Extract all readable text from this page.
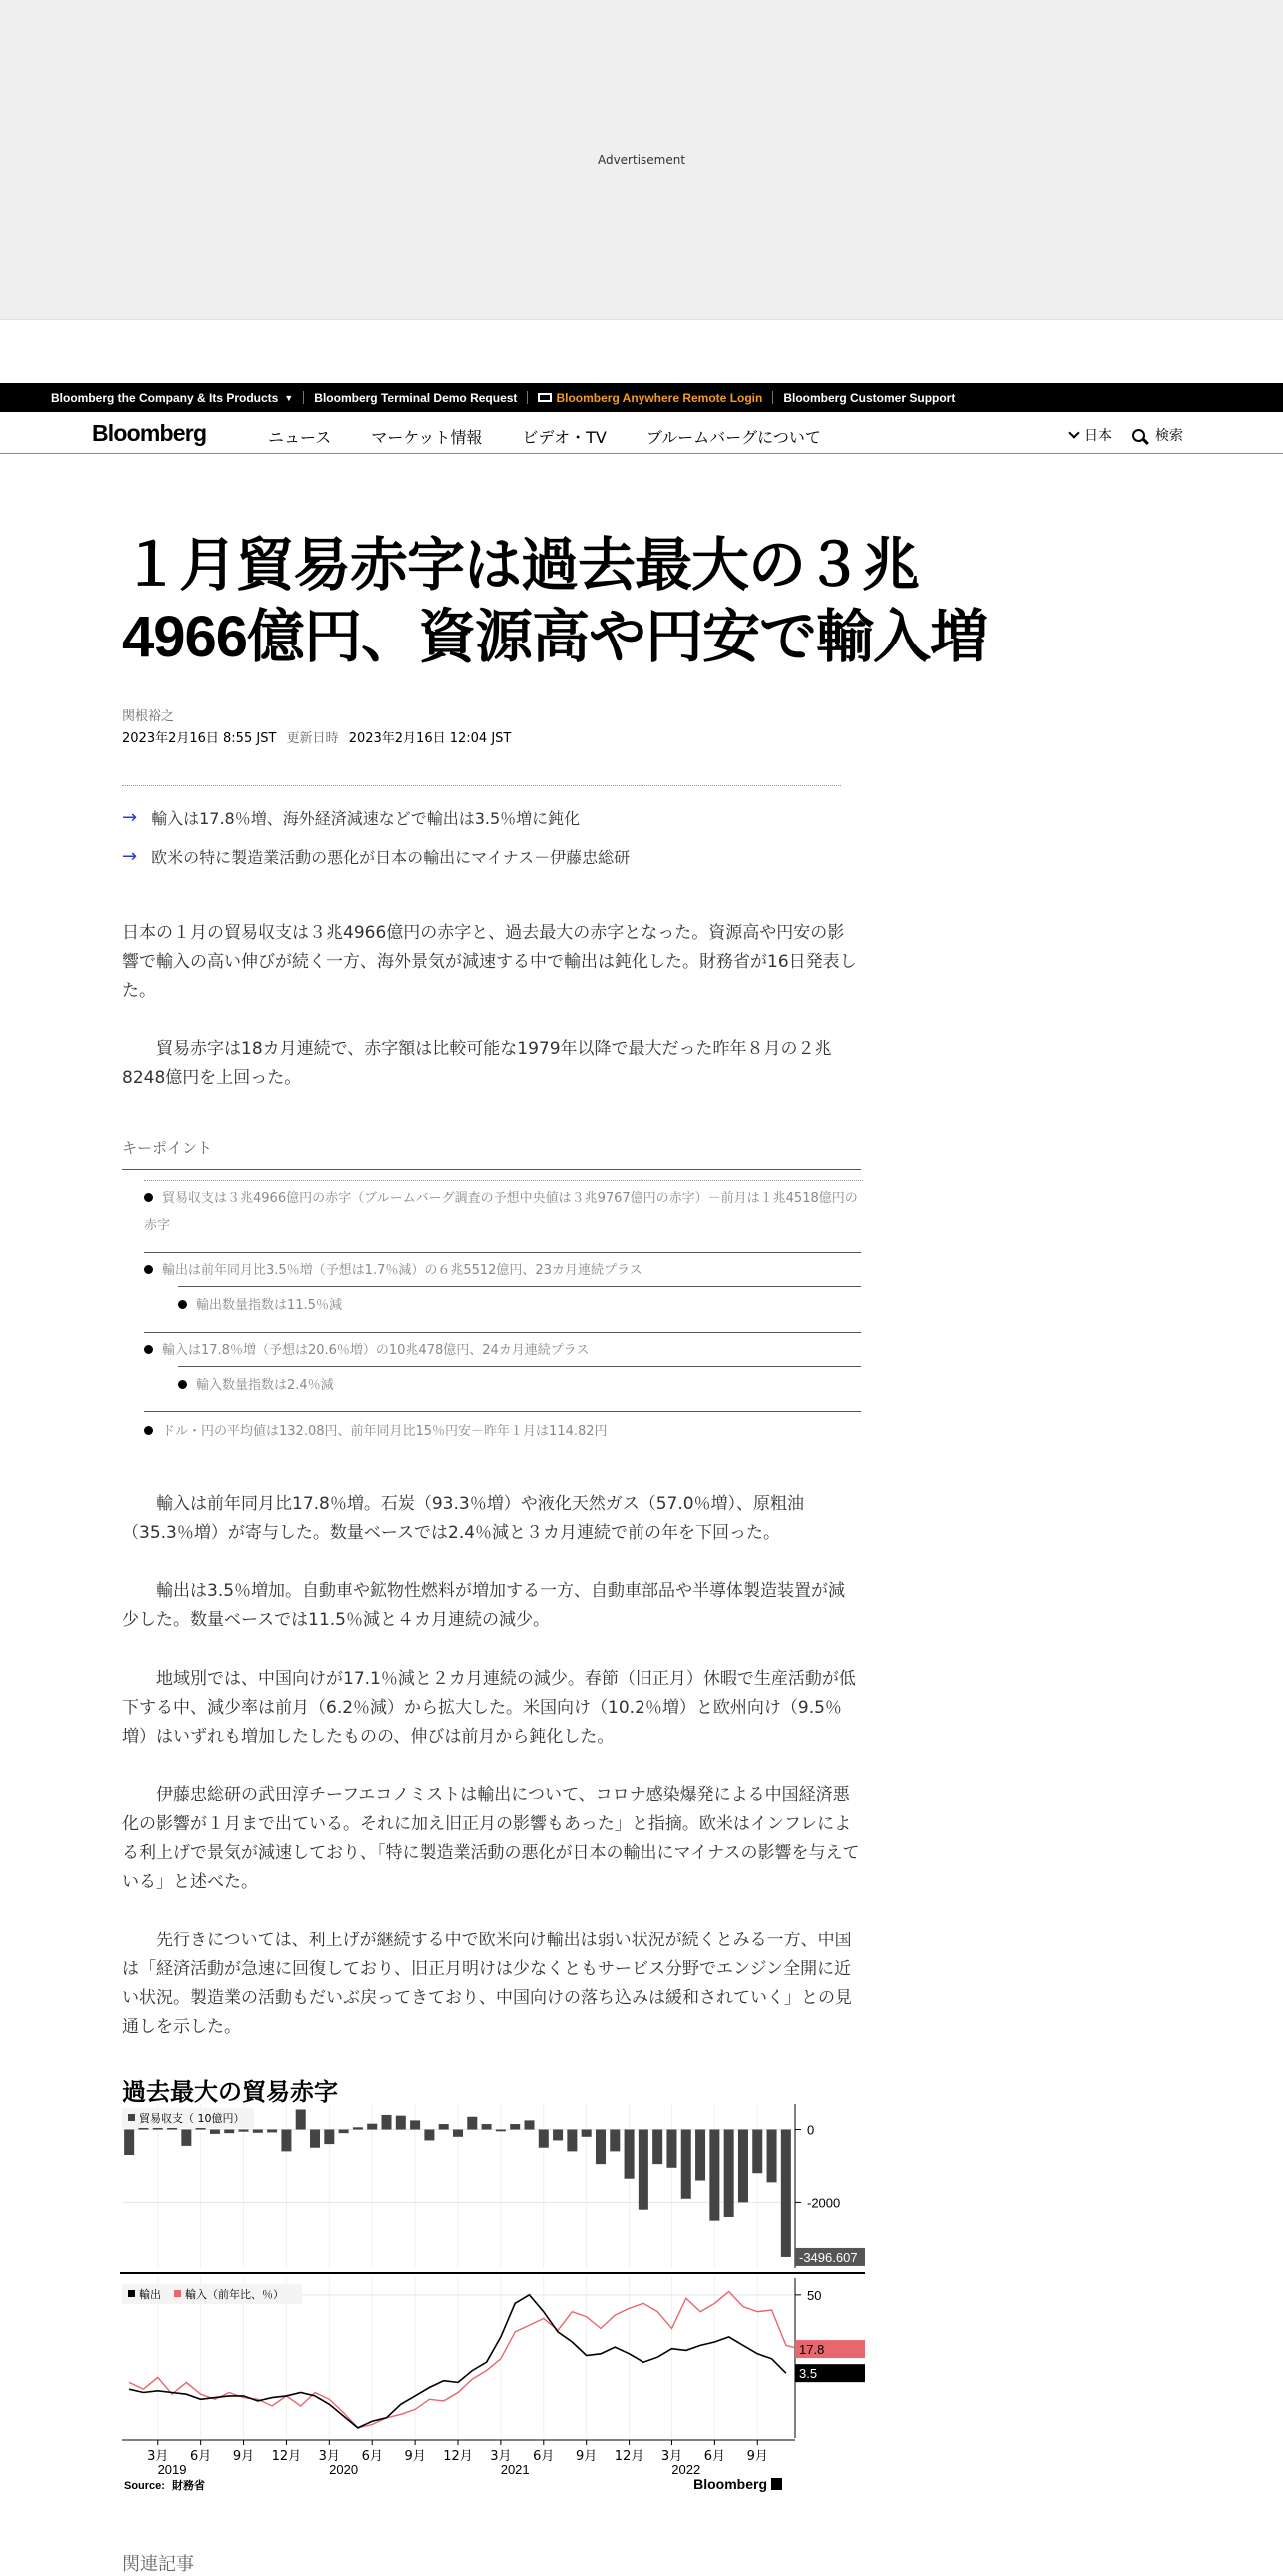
Advertisement
Bloomberg the Company & Its Products ▼ Bloomberg Terminal Demo Request	Bloomberg Anywhere Remote Login Bloomberg Customer Support
Bloomberg	ニュース	マーケット情報	ビデオ・TV	ブルームバーグについて	日本	検索
１月貿易赤字は過去最大の３兆
4966億円、資源高や円安で輸入増
関根裕之
2023年2月16日 8:55 JST 更新日時 2023年2月16日 12:04 JST
→ 輸入は17.8％増、海外経済減速などで輸出は3.5％増に鈍化
→ 欧米の特に製造業活動の悪化が日本の輸出にマイナス－伊藤忠総研
日本の１月の貿易収支は３兆4966億円の赤字と、過去最大の赤字となった。資源高や円安の影響で輸入の高い伸びが続く一方、海外景気が減速する中で輸出は鈍化した。財務省が16日発表した。
　　貿易赤字は18カ月連続で、赤字額は比較可能な1979年以降で最大だった昨年８月の２兆8248億円を上回った。
キーポイント
貿易収支は３兆4966億円の赤字（ブルームバーグ調査の予想中央値は３兆9767億円の赤字）－前月は１兆4518億円の赤字
輸出は前年同月比3.5％増（予想は1.7％減）の６兆5512億円、23カ月連続プラス
輸出数量指数は11.5％減
輸入は17.8％増（予想は20.6％増）の10兆478億円、24カ月連続プラス
輸入数量指数は2.4％減
ドル・円の平均値は132.08円、前年同月比15％円安－昨年１月は114.82円
　　輸入は前年同月比17.8％増。石炭（93.3％増）や液化天然ガス（57.0％増）、原粗油（35.3％増）が寄与した。数量ベースでは2.4％減と３カ月連続で前の年を下回った。
　　輸出は3.5％増加。自動車や鉱物性燃料が増加する一方、自動車部品や半導体製造装置が減少した。数量ベースでは11.5％減と４カ月連続の減少。
　　地域別では、中国向けが17.1％減と２カ月連続の減少。春節（旧正月）休暇で生産活動が低下する中、減少率は前月（6.2％減）から拡大した。米国向け（10.2％増）と欧州向け（9.5％増）はいずれも増加したしたものの、伸びは前月から鈍化した。
　　伊藤忠総研の武田淳チーフエコノミストは輸出について、コロナ感染爆発による中国経済悪化の影響が１月まで出ている。それに加え旧正月の影響もあった」と指摘。欧米はインフレによる利上げで景気が減速しており、「特に製造業活動の悪化が日本の輸出にマイナスの影響を与えている」と述べた。
　　先行きについては、利上げが継続する中で欧米向け輸出は弱い状況が続くとみる一方、中国は「経済活動が急速に回復しており、旧正月明けは少なくともサービス分野でエンジン全開に近い状況。製造業の活動もだいぶ戻ってきており、中国向けの落ち込みは緩和されていく」との見通しを示した。
過去最大の貿易赤字
0
-2000
貿易収支（ 10億円）
-3496.607
50
輸出 輸入（前年比、％）
17.8
3.5
3月 6月 9月 12月 3月 6月 9月 12月 3月 6月 9月 12月 3月 6月 9月
2019	2020	2021	2022
Source: 財務省	Bloomberg
関連記事
